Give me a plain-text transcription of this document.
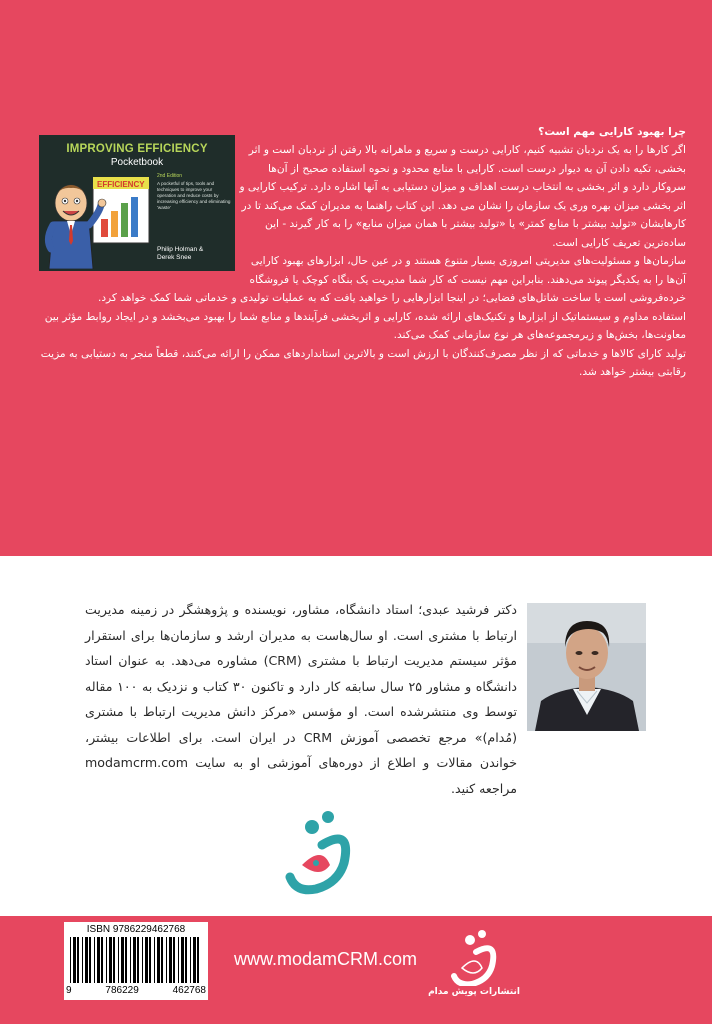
IMPROVING EFFICIENCY
Pocketbook
EFFICIENCY
2nd Edition
A pocketful of tips, tools and techniques to improve your operation and reduce costs by increasing efficiency and eliminating 'waste'
Philip Holman &
Derek Snee
چرا بهبود کارایی مهم است؟

اگر کارها را به یک نردبان تشبیه کنیم، کارایی درست و سریع و ماهرانه بالا رفتن از نردبان است و اثر بخشی، تکیه دادن آن به دیوار درست است. کارایی با منابع محدود و نحوه استفاده صحیح از آن‌ها سروکار دارد و اثر بخشی به انتخاب درست اهداف و میزان دستیابی به آنها اشاره دارد. ترکیب کارایی و اثر بخشی میزان بهره وری یک سازمان را نشان می دهد. این کتاب راهنما به مدیران کمک می‌کند تا در کارهایشان «تولید بیشتر با منابع کمتر» یا «تولید بیشتر با همان میزان منابع» را به کار گیرند - این ساده‌ترین تعریف کارایی است.

سازمان‌ها و مسئولیت‌های مدیریتی امروزی بسیار متنوع هستند و در عین حال، ابزارهای بهبود کارایی آن‌ها را به یکدیگر پیوند می‌دهند. بنابراین مهم نیست که کار شما مدیریت یک بنگاه کوچک یا فروشگاه خرده‌فروشی است یا ساخت شاتل‌های فضایی؛ در اینجا ابزارهایی را خواهید یافت که به عملیات تولیدی و خدماتی شما کمک خواهد کرد.

استفاده مداوم و سیستماتیک از ابزارها و تکنیک‌های ارائه شده، کارایی و اثربخشی فرآیندها و منابع شما را بهبود می‌بخشد و در ایجاد روابط مؤثر بین معاونت‌ها، بخش‌ها و زیرمجموعه‌های هر نوع سازمانی کمک می‌کند.

تولید کارای کالاها و خدماتی که از نظر مصرف‌کنندگان با ارزش است و بالاترین استانداردهای ممکن را ارائه می‌کنند، قطعاً منجر به دستیابی به مزیت رقابتی بیشتر خواهد شد.

دکتر فرشید عبدی؛ استاد دانشگاه، مشاور، نویسنده و پژوهشگر در زمینه مدیریت ارتباط با مشتری است. او سال‌هاست به مدیران ارشد و سازمان‌ها برای استقرار مؤثر سیستم مدیریت ارتباط با مشتری (CRM) مشاوره می‌دهد. به عنوان استاد دانشگاه و مشاور ۲۵ سال سابقه کار دارد و تاکنون ۳۰ کتاب و نزدیک به ۱۰۰ مقاله توسط وی منتشرشده است. او مؤسس «مرکز دانش مدیریت ارتباط با مشتری (مُدام)» مرجع تخصصی آموزش CRM در ایران است. برای اطلاعات بیشتر، خواندن مقالات و اطلاع از دوره‌های آموزشی او به سایت modamcrm.com مراجعه کنید.
ISBN 9786229462768
9	786229	462768
www.modamCRM.com
انتشارات پویش مدام
